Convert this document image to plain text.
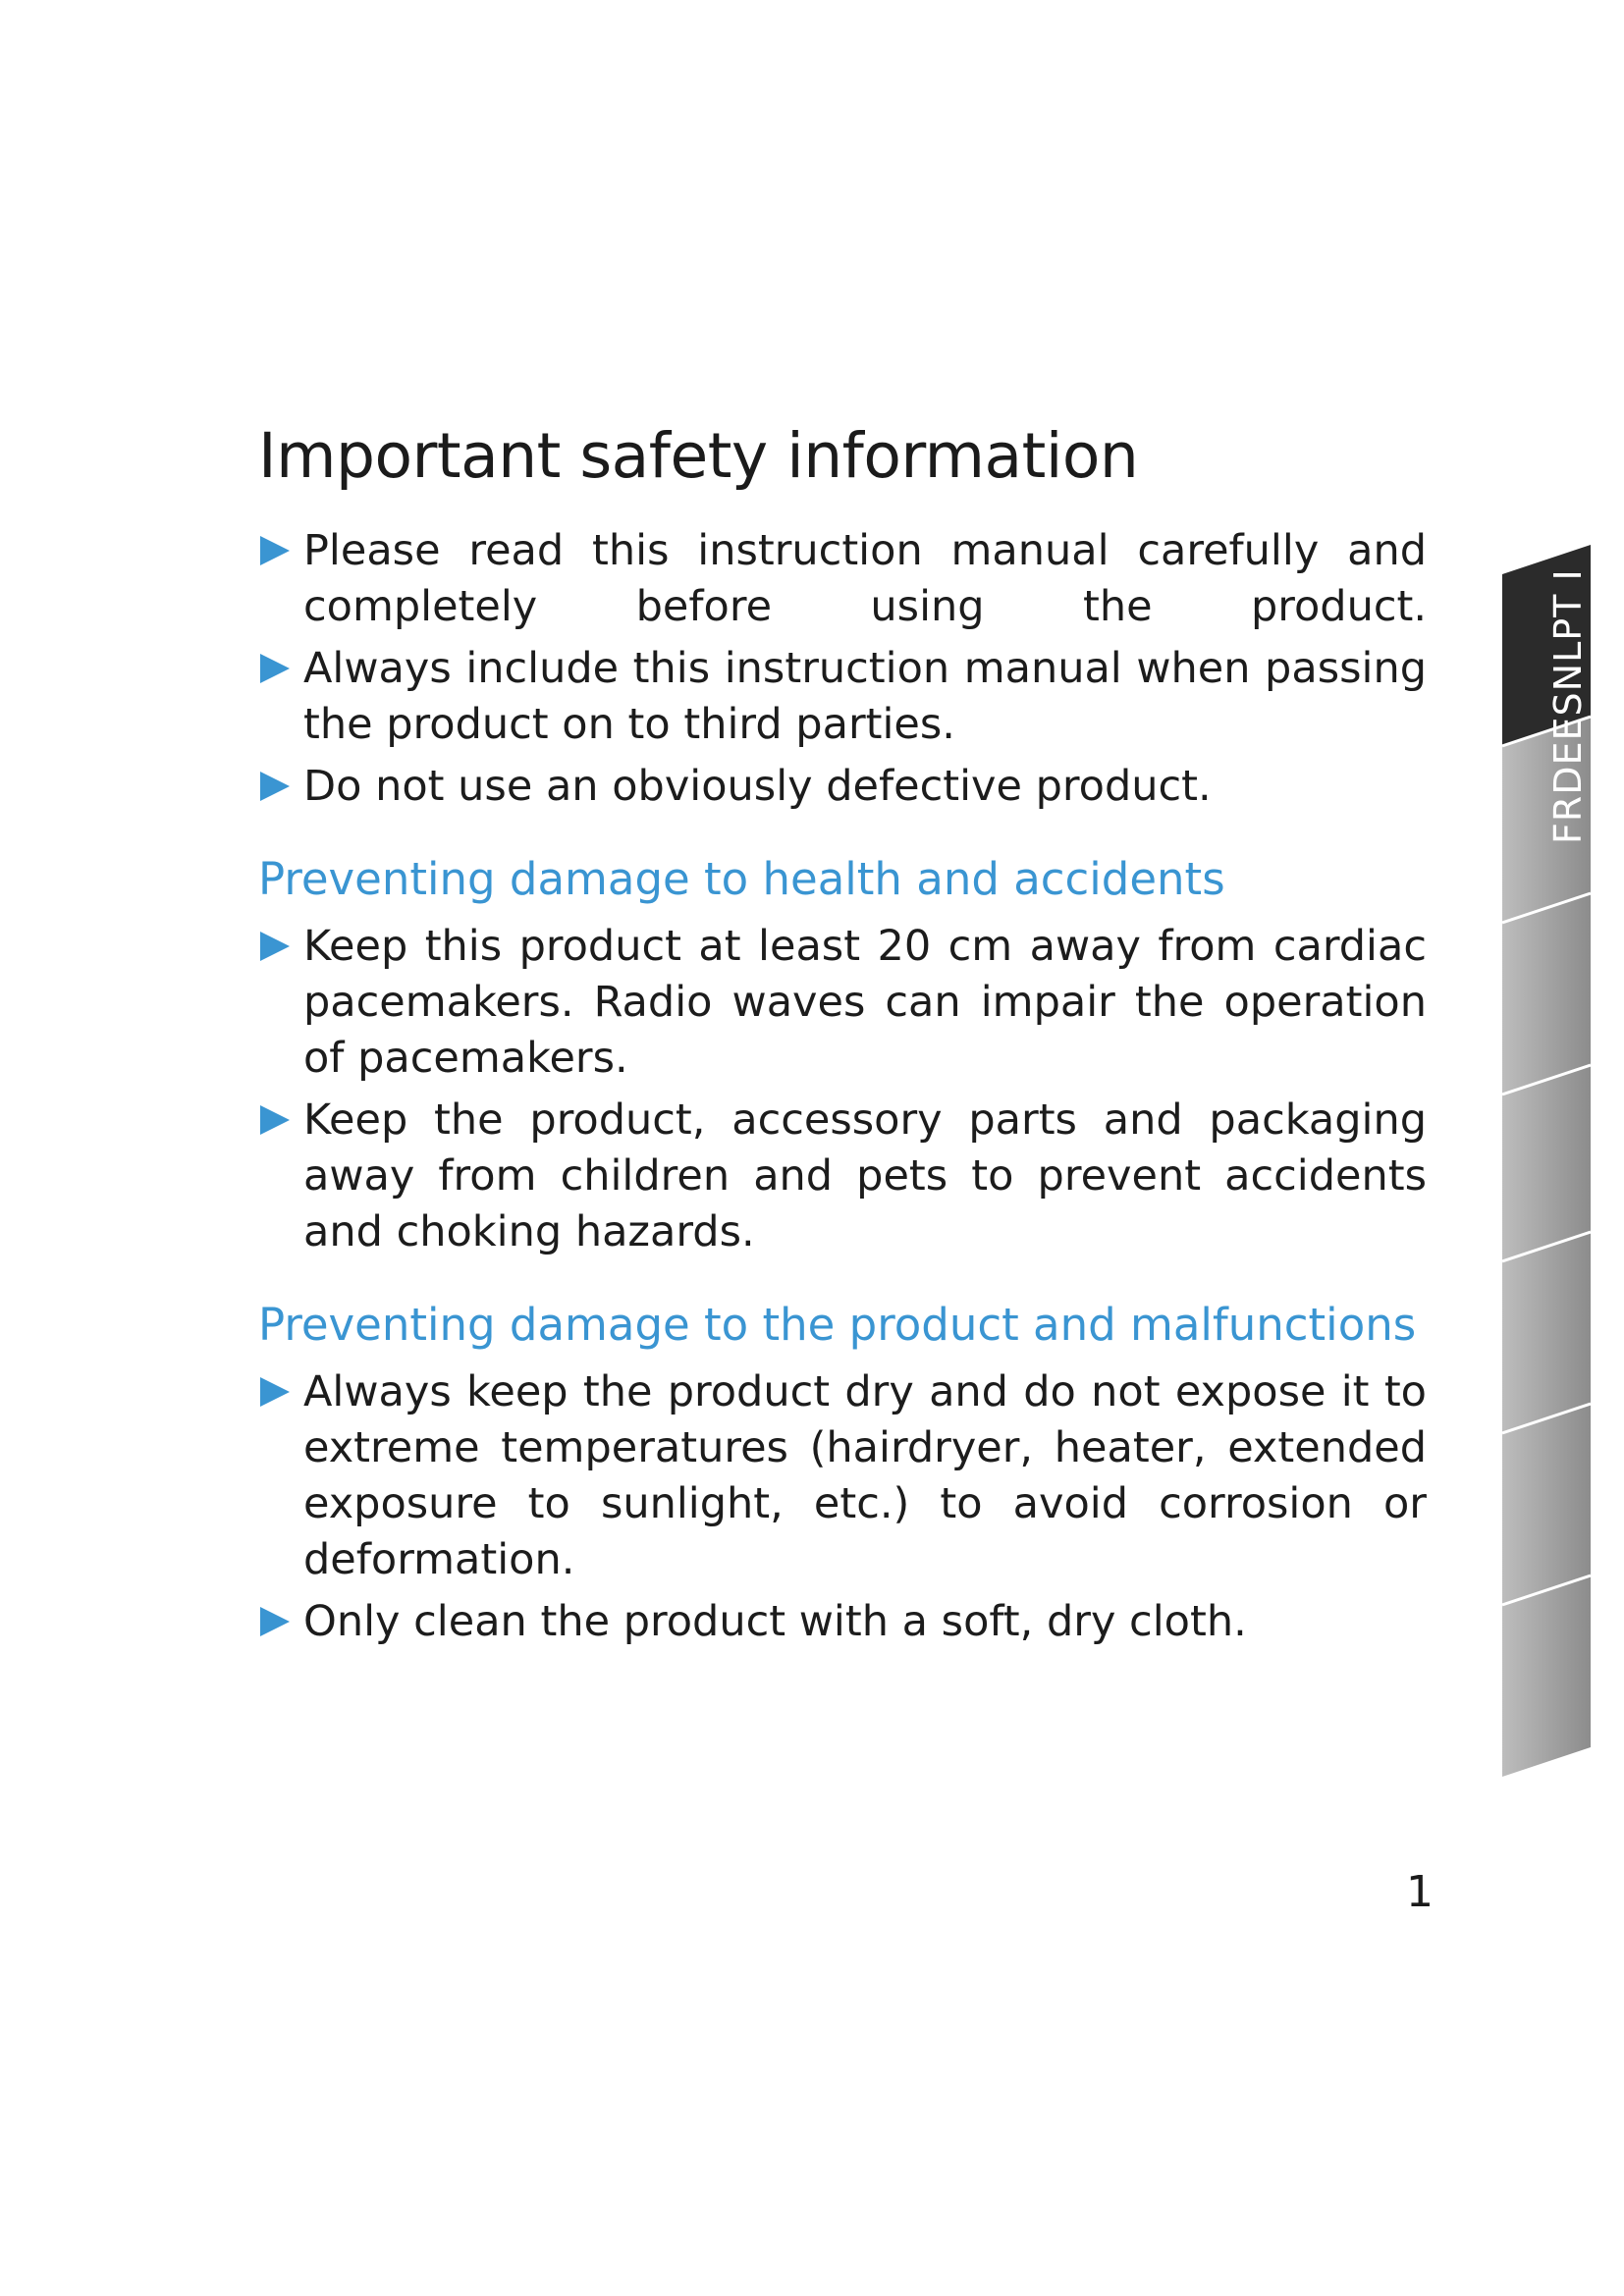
Important safety information
Please read this instruction manual carefully and completely before using the product.
Always include this instruction manual when passing the product on to third parties.
Do not use an obviously defective product.
Preventing damage to health and accidents
Keep this product at least 20 cm away from cardiac pacemakers. Radio waves can impair the operation of pacemakers.
Keep the product, accessory parts and packaging away from children and pets to prevent accidents and choking hazards.
Preventing damage to the product and malfunctions
Always keep the product dry and do not expose it to extreme temperatures (hairdryer, heater, extended exposure to sunlight, etc.) to avoid corrosion or deformation.
Only clean the product with a soft, dry cloth.
FRDEESNLPT I
1
